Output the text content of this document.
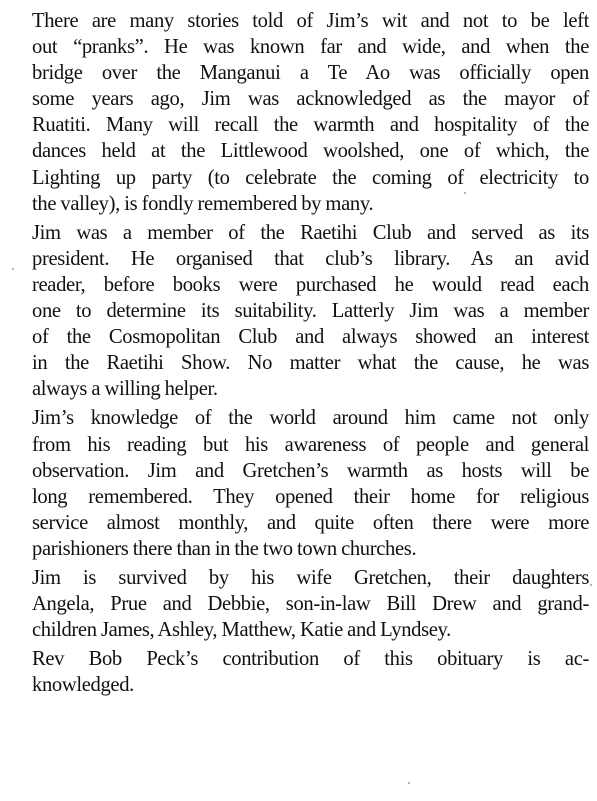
There are many stories told of Jim’s wit and not to be left
out “pranks”. He was known far and wide, and when the
bridge over the Manganui a Te Ao was officially open
some years ago, Jim was acknowledged as the mayor of
Ruatiti. Many will recall the warmth and hospitality of the
dances held at the Littlewood woolshed, one of which, the
Lighting up party (to celebrate the coming of electricity to
the valley), is fondly remembered by many.

Jim was a member of the Raetihi Club and served as its
president. He organised that club’s library. As an avid
reader, before books were purchased he would read each
one to determine its suitability. Latterly Jim was a member
of the Cosmopolitan Club and always showed an interest
in the Raetihi Show. No matter what the cause, he was
always a willing helper.

Jim’s knowledge of the world around him came not only
from his reading but his awareness of people and general
observation. Jim and Gretchen’s warmth as hosts will be
long remembered. They opened their home for religious
service almost monthly, and quite often there were more
parishioners there than in the two town churches.

Jim is survived by his wife Gretchen, their daughters
Angela, Prue and Debbie, son-in-law Bill Drew and grand-
children James, Ashley, Matthew, Katie and Lyndsey.

Rev Bob Peck’s contribution of this obituary is ac-
knowledged.
